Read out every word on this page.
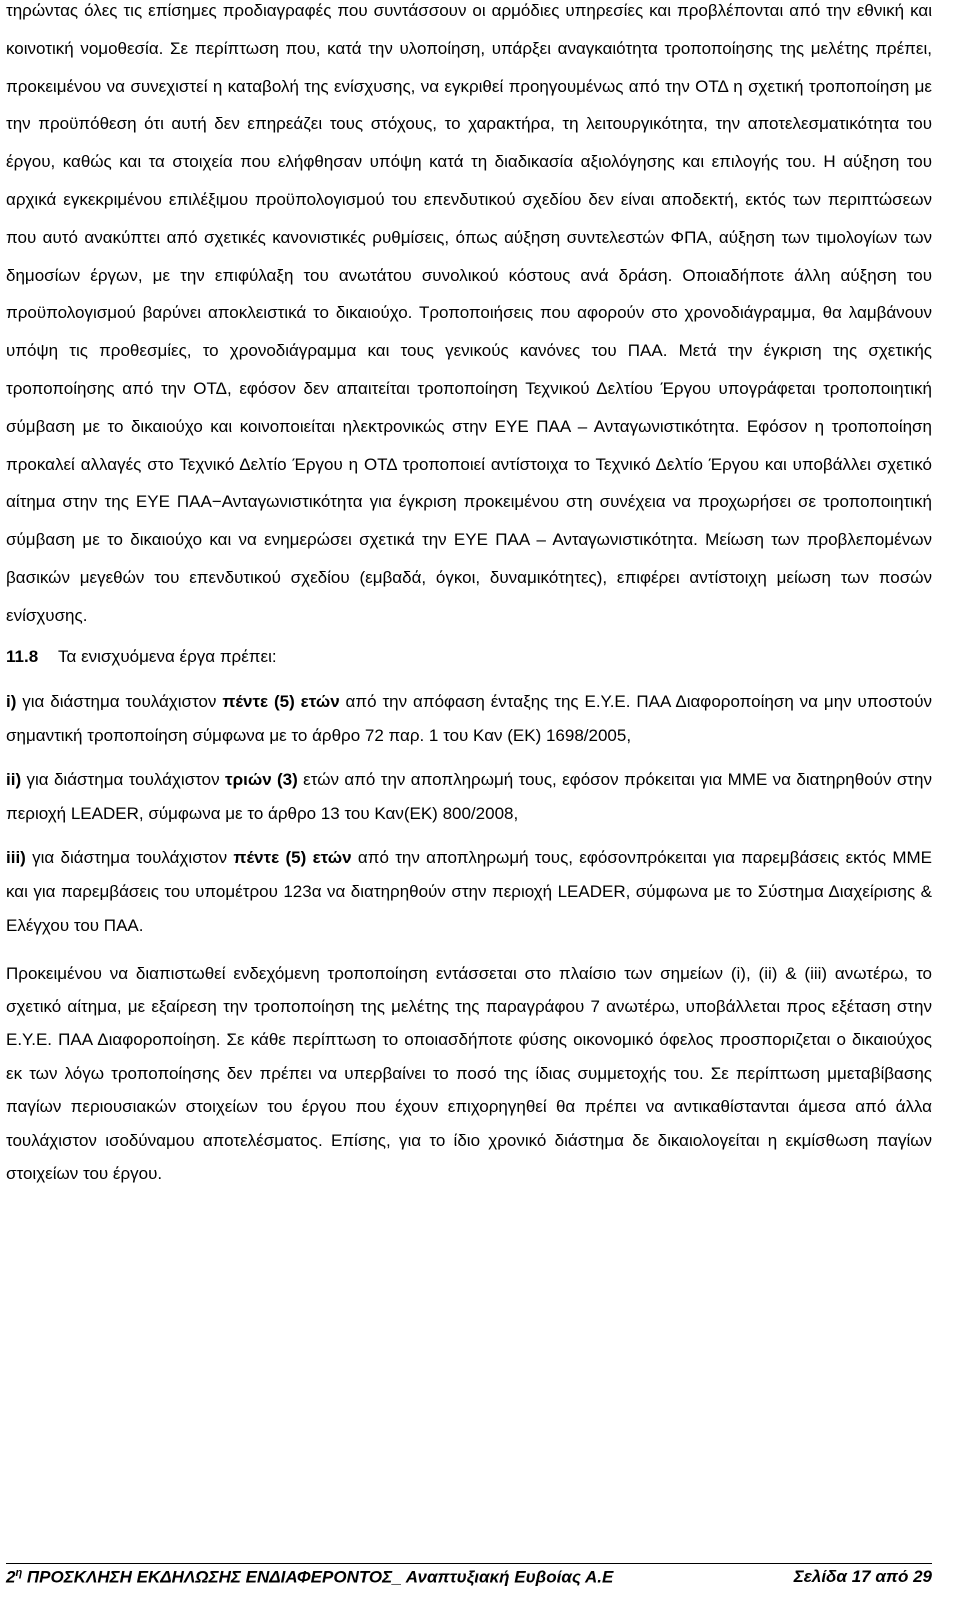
τηρώντας όλες τις επίσημες προδιαγραφές που συντάσσουν οι αρμόδιες υπηρεσίες και προβλέπονται από την εθνική και κοινοτική νομοθεσία. Σε περίπτωση που, κατά την υλοποίηση, υπάρξει αναγκαιότητα τροποποίησης της μελέτης πρέπει, προκειμένου να συνεχιστεί η καταβολή της ενίσχυσης, να εγκριθεί προηγουμένως από την ΟΤΔ η σχετική τροποποίηση με την προϋπόθεση ότι αυτή δεν επηρεάζει τους στόχους, το χαρακτήρα, τη λειτουργικότητα, την αποτελεσματικότητα του έργου, καθώς και τα στοιχεία που ελήφθησαν υπόψη κατά τη διαδικασία αξιολόγησης και επιλογής του. Η αύξηση του αρχικά εγκεκριμένου επιλέξιμου προϋπολογισμού του επενδυτικού σχεδίου δεν είναι αποδεκτή, εκτός των περιπτώσεων που αυτό ανακύπτει από σχετικές κανονιστικές ρυθμίσεις, όπως αύξηση συντελεστών ΦΠΑ, αύξηση των τιμολογίων των δημοσίων έργων, με την επιφύλαξη του ανωτάτου συνολικού κόστους ανά δράση. Οποιαδήποτε άλλη αύξηση του προϋπολογισμού βαρύνει αποκλειστικά το δικαιούχο. Τροποποιήσεις που αφορούν στο χρονοδιάγραμμα, θα λαμβάνουν υπόψη τις προθεσμίες, το χρονοδιάγραμμα και τους γενικούς κανόνες του ΠΑΑ. Μετά την έγκριση της σχετικής τροποποίησης από την ΟΤΔ, εφόσον δεν απαιτείται τροποποίηση Τεχνικού Δελτίου Έργου υπογράφεται τροποποιητική σύμβαση με το δικαιούχο και κοινοποιείται ηλεκτρονικώς στην ΕΥΕ ΠΑΑ – Ανταγωνιστικότητα. Εφόσον η τροποποίηση προκαλεί αλλαγές στο Τεχνικό Δελτίο Έργου η ΟΤΔ τροποποιεί αντίστοιχα το Τεχνικό Δελτίο Έργου και υποβάλλει σχετικό αίτημα στην της ΕΥΕ ΠΑΑ−Ανταγωνιστικότητα για έγκριση προκειμένου στη συνέχεια να προχωρήσει σε τροποποιητική σύμβαση με το δικαιούχο και να ενημερώσει σχετικά την ΕΥΕ ΠΑΑ – Ανταγωνιστικότητα. Μείωση των προβλεπομένων βασικών μεγεθών του επενδυτικού σχεδίου (εμβαδά, όγκοι, δυναμικότητες), επιφέρει αντίστοιχη μείωση των ποσών ενίσχυσης.

11.8 Τα ενισχυόμενα έργα πρέπει:

i) για διάστημα τουλάχιστον πέντε (5) ετών από την απόφαση ένταξης της Ε.Υ.Ε. ΠΑΑ Διαφοροποίηση να μην υποστούν σημαντική τροποποίηση σύμφωνα με το άρθρο 72 παρ. 1 του Καν (ΕΚ) 1698/2005,

ii) για διάστημα τουλάχιστον τριών (3) ετών από την αποπληρωμή τους, εφόσον πρόκειται για ΜΜΕ να διατηρηθούν στην περιοχή LEADER, σύμφωνα με το άρθρο 13 του Καν(ΕΚ) 800/2008,

iii) για διάστημα τουλάχιστον πέντε (5) ετών από την αποπληρωμή τους, εφόσονπρόκειται για παρεμβάσεις εκτός ΜΜΕ και για παρεμβάσεις του υπομέτρου 123α να διατηρηθούν στην περιοχή LEADER, σύμφωνα με το Σύστημα Διαχείρισης & Ελέγχου του ΠΑΑ.

Προκειμένου να διαπιστωθεί ενδεχόμενη τροποποίηση εντάσσεται στο πλαίσιο των σημείων (i), (ii) & (iii) ανωτέρω, το σχετικό αίτημα, με εξαίρεση την τροποποίηση της μελέτης της παραγράφου 7 ανωτέρω, υποβάλλεται προς εξέταση στην Ε.Υ.Ε. ΠΑΑ Διαφοροποίηση. Σε κάθε περίπτωση το οποιασδήποτε φύσης οικονομικό όφελος προσποριζεται ο δικαιούχος εκ των λόγω τροποποίησης δεν πρέπει να υπερβαίνει το ποσό της ίδιας συμμετοχής του. Σε περίπτωση μμεταβίβασης παγίων περιουσιακών στοιχείων του έργου που έχουν επιχορηγηθεί θα πρέπει να αντικαθίστανται άμεσα από άλλα τουλάχιστον ισοδύναμου αποτελέσματος. Επίσης, για το ίδιο χρονικό διάστημα δε δικαιολογείται η εκμίσθωση παγίων στοιχείων του έργου.

$2^\eta$ ΠΡΟΣΚΛΗΣΗ ΕΚΔΗΛΩΣΗΣ ΕΝΔΙΑΦΕΡΟΝΤΟΣ_ Αναπτυξιακή Ευβοίας Α.Ε	Σελίδα 17 από 29
